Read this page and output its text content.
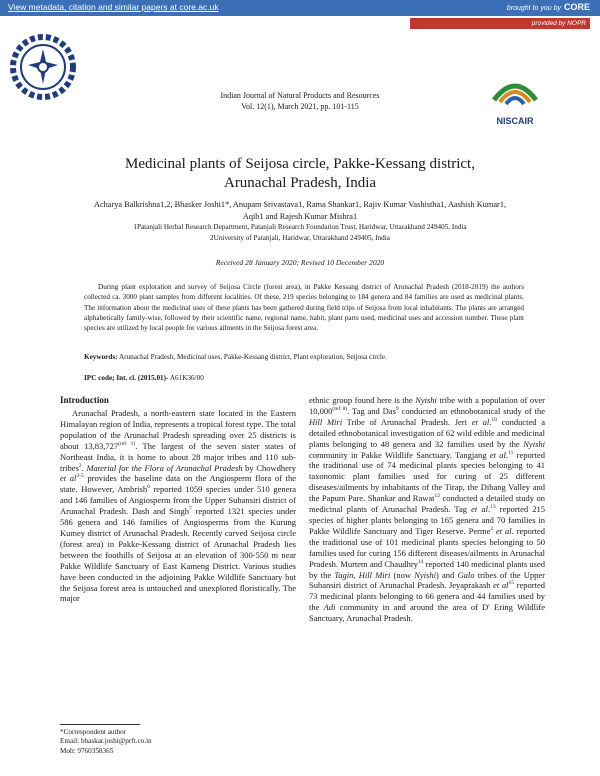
View metadata, citation and similar papers at core.ac.uk	brought to you by CORE
provided by NOPR
Indian Journal of Natural Products and Resources
Vol. 12(1), March 2021, pp. 101-115
NISCAIR
Medicinal plants of Seijosa circle, Pakke-Kessang district,
Arunachal Pradesh, India
Acharya Balkrishna1,2, Bhasker Joshi1*, Anupam Srivastava1, Rama Shankar1, Rajiv Kumar Vashistha1, Aashish Kumar1,
Aqib1 and Rajesh Kumar Mishra1
1Patanjali Herbal Research Department, Patanjali Research Foundation Trust, Haridwar, Uttarakhand 249405, India
2University of Patanjali, Haridwar, Uttarakhand 249405, India
Received 28 January 2020; Revised 10 December 2020
During plant exploration and survey of Seijosa Circle (forest area), in Pakke Kessang district of Arunachal Pradesh (2018-2019) the authors collected ca. 3000 plant samples from different localities. Of these, 219 species belonging to 184 genera and 84 families are used as medicinal plants. The information about the medicinal uses of these plants has been gathered during field trips of Seijosa from local inhabitants. The plants are arranged alphabetically family-wise, followed by their scientific name, regional name, habit, plant parts used, medicinal uses and accession number. These plant species are utilized by local people for various ailments in the Seijosa forest area.
Keywords: Arunachal Pradesh, Medicinal uses, Pakke-Kessang district, Plant exploration, Seijosa circle.
IPC code; Int. cl. (2015.01)- A61K36/00
Introduction

Arunachal Pradesh, a north-eastern state located in the Eastern Himalayan region of India, represents a tropical forest type. The total population of the Arunachal Pradesh spreading over 25 districts is about $13,83,727^{(ref 1)}$. The largest of the seven sister states of Northeast India, it is home to about 28 major tribes and 110 sub-tribes$^2$. Material for the Flora of Arunachal Pradesh by Chowdhery et $al^{3-5}$ provides the baseline data on the Angiosperm flora of the state. However, Ambrish$^6$ reported 1059 species under 510 genera and 146 families of Angiosperm from the Upper Subansiri district of Arunachal Pradesh. Dash and Singh$^7$ reported 1321 species under 586 genera and 146 families of Angiosperms from the Kurung Kumey district of Arunachal Pradesh. Recently carved Seijosa circle (forest area) in Pakke-Kessang district of Arunachal Pradesh lies between the foothills of Seijosa at an elevation of 300-550 m near Pakke Wildlife Sanctuary of East Kameng District. Various studies have been conducted in the adjoining Pakke Wildlife Sanctuary but the Seijosa forest area is untouched and unexplored floristically. The major

ethnic group found here is the Nyishi tribe with a population of over $10,000^{(ref 8)}$. Tag and Das$^9$ conducted an ethnobotanical study of the Hill Miri Tribe of Arunachal Pradesh. Jeri et al.$^{10}$ conducted a detailed ethnobotanical investigation of 62 wild edible and medicinal plants belonging to 48 genera and 32 families used by the Nyishi community in Pakke Wildlife Sanctuary. Tangjang et al.$^{11}$ reported the traditional use of 74 medicinal plants species belonging to 41 taxonomic plant families used for curing of 25 different diseases/ailments by inhabitants of the Tirap, the Dibang Valley and the Papum Pare. Shankar and Rawat$^{12}$ conducted a detailed study on medicinal plants of Arunachal Pradesh. Tag et al.$^{13}$ reported 215 species of higher plants belonging to 165 genera and 70 families in Pakke Wildlife Sanctuary and Tiger Reserve. Perme$^2$ et al. reported the traditional use of 101 medicinal plants species belonging to 50 families used for curing 156 different diseases/ailments in Arunachal Pradesh. Murtem and Chaudhry$^{14}$ reported 140 medicinal plants used by the Tagin, Hill Miri (now Nyishi) and Galo tribes of the Upper Subansiri district of Arunachal Pradesh. Jeyaprakash et $al^{15}$ reported 73 medicinal plants belonging to 66 genera and 44 families used by the Adi community in and around the area of D' Ering Wildlife Sanctuary, Arunachal Pradesh.

*Correspondent author
Email: bhaskar.joshi@prft.co.in
Mob: 9760358365
